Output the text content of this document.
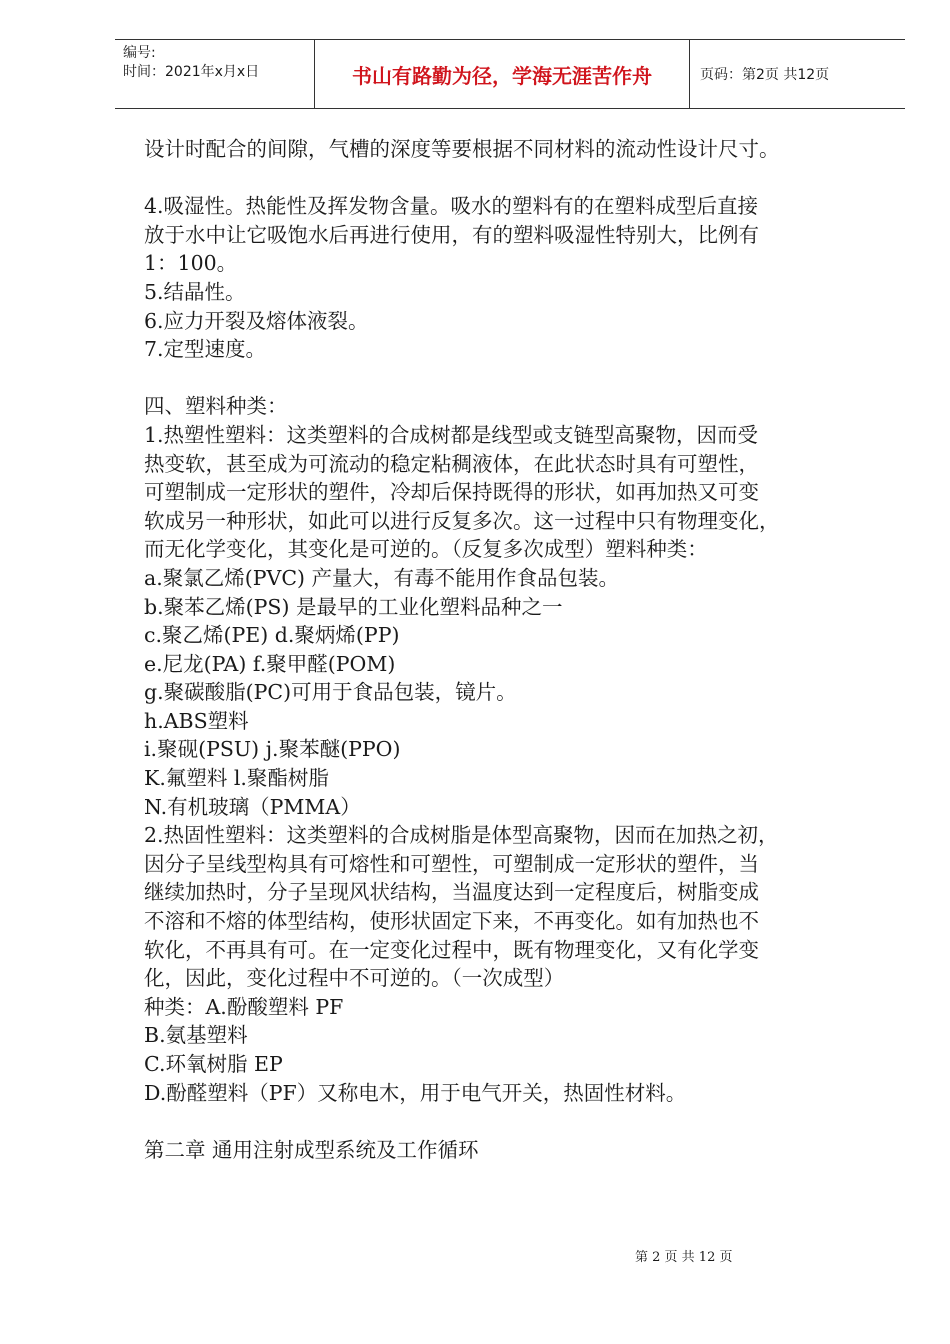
编号:
时间：2021年x月x日	书山有路勤为径，学海无涯苦作舟	页码：第2页 共12页
设计时配合的间隙，气槽的深度等要根据不同材料的流动性设计尺寸。
4.吸湿性。热能性及挥发物含量。吸水的塑料有的在塑料成型后直接
放于水中让它吸饱水后再进行使用，有的塑料吸湿性特别大，比例有
1：100。
5.结晶性。
6.应力开裂及熔体液裂。
7.定型速度。
四、塑料种类：
1.热塑性塑料：这类塑料的合成树都是线型或支链型高聚物，因而受
热变软，甚至成为可流动的稳定粘稠液体，在此状态时具有可塑性，
可塑制成一定形状的塑件，冷却后保持既得的形状，如再加热又可变
软成另一种形状，如此可以进行反复多次。这一过程中只有物理变化，
而无化学变化，其变化是可逆的。（反复多次成型）塑料种类：
a.聚氯乙烯(PVC) 产量大，有毒不能用作食品包装。
b.聚苯乙烯(PS) 是最早的工业化塑料品种之一
c.聚乙烯(PE) d.聚炳烯(PP)
e.尼龙(PA) f.聚甲醛(POM)
g.聚碳酸脂(PC)可用于食品包装，镜片。
h.ABS塑料
i.聚砚(PSU) j.聚苯醚(PPO)
K.氟塑料 l.聚酯树脂
N.有机玻璃（PMMA）
2.热固性塑料：这类塑料的合成树脂是体型高聚物，因而在加热之初，
因分子呈线型构具有可熔性和可塑性，可塑制成一定形状的塑件，当
继续加热时，分子呈现风状结构，当温度达到一定程度后，树脂变成
不溶和不熔的体型结构，使形状固定下来，不再变化。如有加热也不
软化，不再具有可。在一定变化过程中，既有物理变化，又有化学变
化，因此，变化过程中不可逆的。（一次成型）
种类：A.酚酸塑料 PF
B.氨基塑料
C.环氧树脂 EP
D.酚醛塑料（PF）又称电木，用于电气开关，热固性材料。
第二章 通用注射成型系统及工作循环
第 2 页 共 12 页
